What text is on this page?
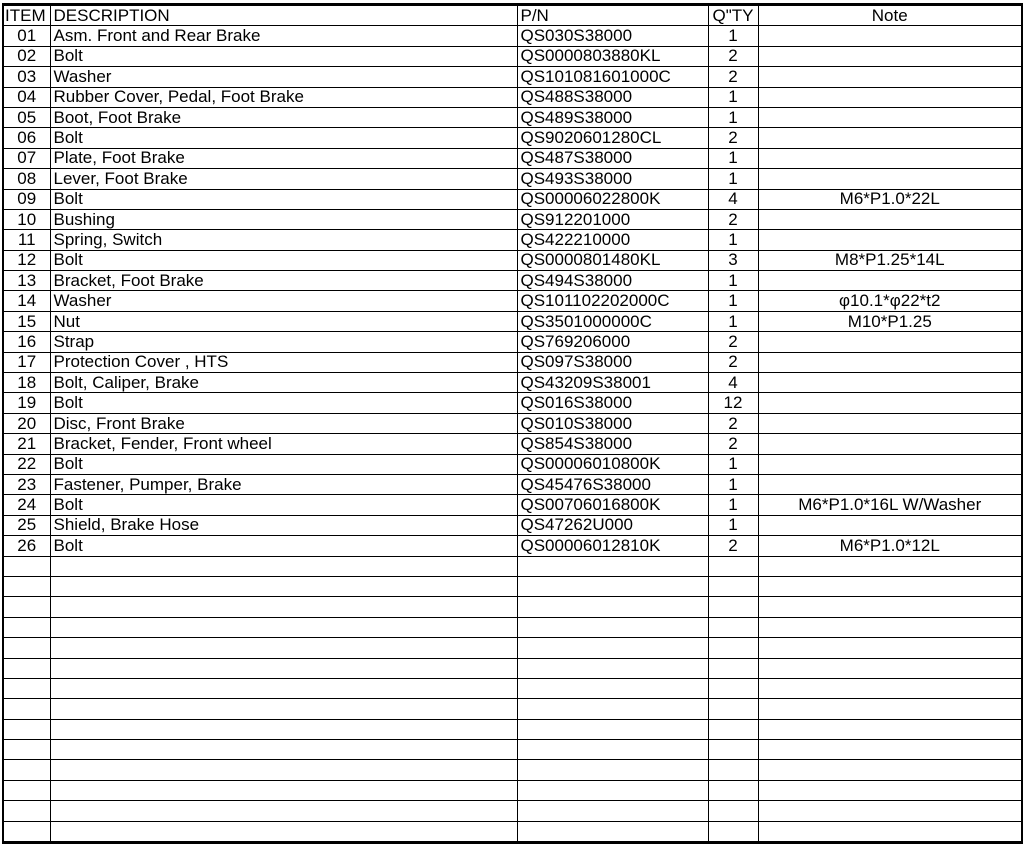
ITEM	DESCRIPTION	P/N	Q"TY	Note
01	Asm. Front and Rear Brake	QS030S38000	1	
02	Bolt	QS0000803880KL	2	
03	Washer	QS101081601000C	2	
04	Rubber Cover, Pedal, Foot Brake	QS488S38000	1	
05	Boot, Foot Brake	QS489S38000	1	
06	Bolt	QS9020601280CL	2	
07	Plate, Foot Brake	QS487S38000	1	
08	Lever, Foot Brake	QS493S38000	1	
09	Bolt	QS00006022800K	4	M6*P1.0*22L
10	Bushing	QS912201000	2	
11	Spring, Switch	QS422210000	1	
12	Bolt	QS0000801480KL	3	M8*P1.25*14L
13	Bracket, Foot Brake	QS494S38000	1	
14	Washer	QS101102202000C	1	φ10.1*φ22*t2
15	Nut	QS3501000000C	1	M10*P1.25
16	Strap	QS769206000	2	
17	Protection Cover , HTS	QS097S38000	2	
18	Bolt, Caliper, Brake	QS43209S38001	4	
19	Bolt	QS016S38000	12	
20	Disc, Front Brake	QS010S38000	2	
21	Bracket, Fender, Front wheel	QS854S38000	2	
22	Bolt	QS00006010800K	1	
23	Fastener, Pumper, Brake	QS45476S38000	1	
24	Bolt	QS00706016800K	1	M6*P1.0*16L W/Washer
25	Shield, Brake Hose	QS47262U000	1	
26	Bolt	QS00006012810K	2	M6*P1.0*12L
